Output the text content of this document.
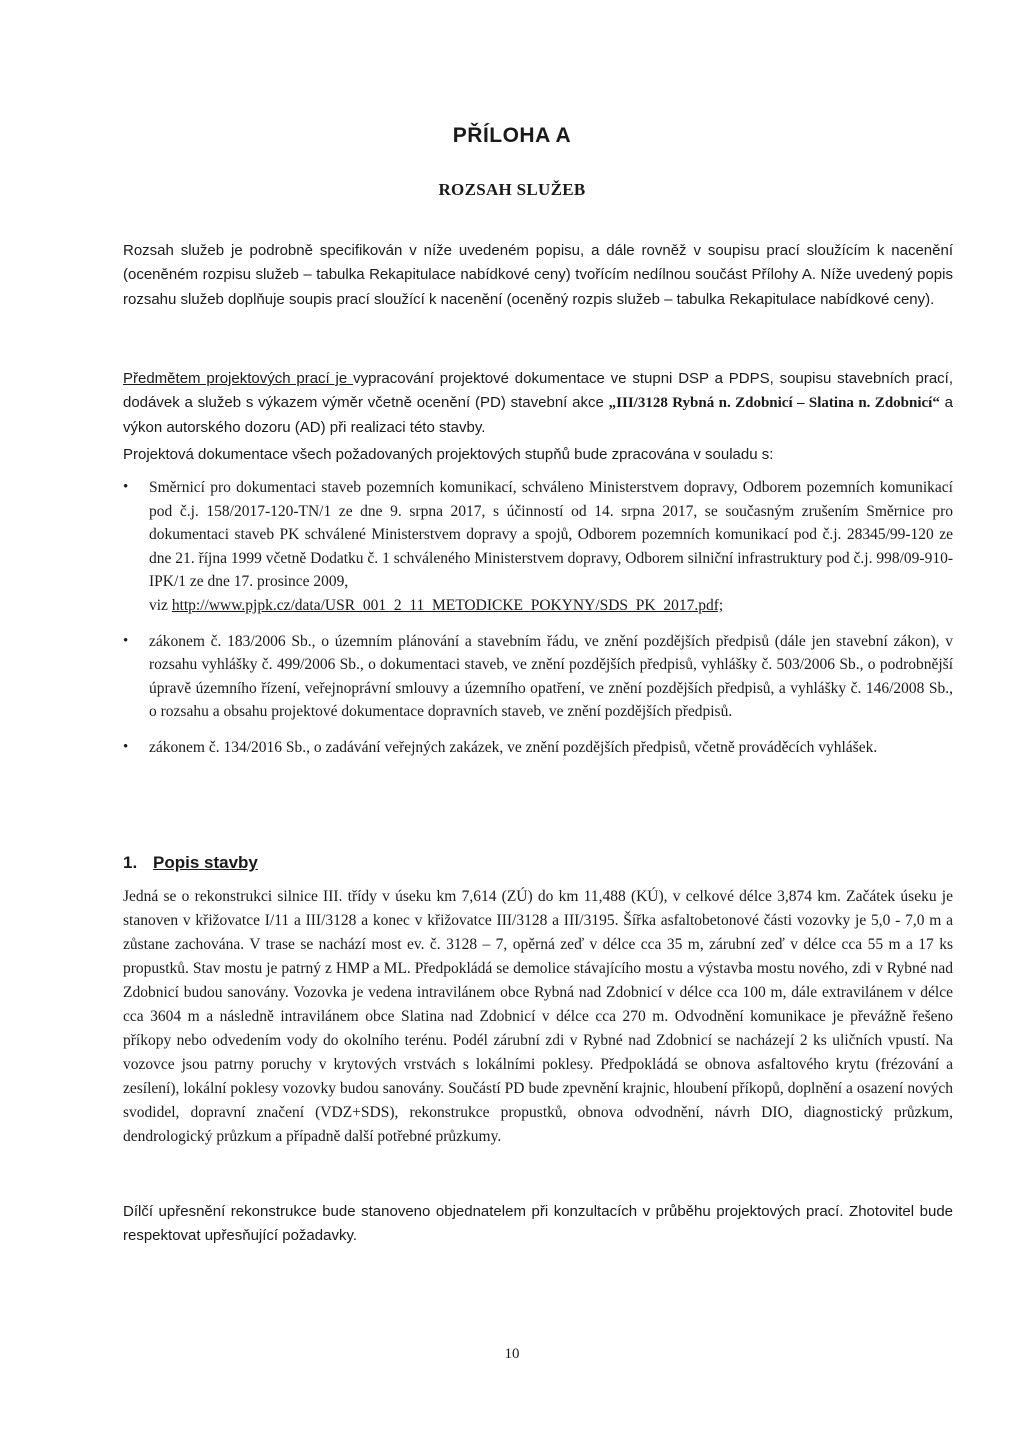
PŘÍLOHA A
ROZSAH SLUŽEB

Rozsah služeb je podrobně specifikován v níže uvedeném popisu, a dále rovněž v soupisu prací sloužícím k nacenění (oceněném rozpisu služeb – tabulka Rekapitulace nabídkové ceny) tvořícím nedílnou součást Přílohy A. Níže uvedený popis rozsahu služeb doplňuje soupis prací sloužící k nacenění (oceněný rozpis služeb – tabulka Rekapitulace nabídkové ceny).

Předmětem projektových prací je vypracování projektové dokumentace ve stupni DSP a PDPS, soupisu stavebních prací, dodávek a služeb s výkazem výměr včetně ocenění (PD) stavební akce „III/3128 Rybná n. Zdobnicí – Slatina n. Zdobnicí“ a výkon autorského dozoru (AD) při realizaci této stavby.

Projektová dokumentace všech požadovaných projektových stupňů bude zpracována v souladu s:

•	Směrnicí pro dokumentaci staveb pozemních komunikací, schváleno Ministerstvem dopravy, Odborem pozemních komunikací pod č.j. 158/2017-120-TN/1 ze dne 9. srpna 2017, s účinností od 14. srpna 2017, se současným zrušením Směrnice pro dokumentaci staveb PK schválené Ministerstvem dopravy a spojů, Odborem pozemních komunikací pod č.j. 28345/99-120 ze dne 21. října 1999 včetně Dodatku č. 1 schváleného Ministerstvem dopravy, Odborem silniční infrastruktury pod č.j. 998/09-910-IPK/1 ze dne 17. prosince 2009,
viz http://www.pjpk.cz/data/USR_001_2_11_METODICKE_POKYNY/SDS_PK_2017.pdf;
•	zákonem č. 183/2006 Sb., o územním plánování a stavebním řádu, ve znění pozdějších předpisů (dále jen stavební zákon), v rozsahu vyhlášky č. 499/2006 Sb., o dokumentaci staveb, ve znění pozdějších předpisů, vyhlášky č. 503/2006 Sb., o podrobnější úpravě územního řízení, veřejnoprávní smlouvy a územního opatření, ve znění pozdějších předpisů, a vyhlášky č. 146/2008 Sb., o rozsahu a obsahu projektové dokumentace dopravních staveb, ve znění pozdějších předpisů.
•	zákonem č. 134/2016 Sb., o zadávání veřejných zakázek, ve znění pozdějších předpisů, včetně prováděcích vyhlášek.
1. Popis stavby

Jedná se o rekonstrukci silnice III. třídy v úseku km 7,614 (ZÚ) do km 11,488 (KÚ), v celkové délce 3,874 km. Začátek úseku je stanoven v křižovatce I/11 a III/3128 a konec v křižovatce III/3128 a III/3195. Šířka asfaltobetonové části vozovky je 5,0 - 7,0 m a zůstane zachována. V trase se nachází most ev. č. 3128 – 7, opěrná zeď v délce cca 35 m, zárubní zeď v délce cca 55 m a 17 ks propustků. Stav mostu je patrný z HMP a ML. Předpokládá se demolice stávajícího mostu a výstavba mostu nového, zdi v Rybné nad Zdobnicí budou sanovány. Vozovka je vedena intravilánem obce Rybná nad Zdobnicí v délce cca 100 m, dále extravilánem v délce cca 3604 m a následně intravilánem obce Slatina nad Zdobnicí v délce cca 270 m. Odvodnění komunikace je převážně řešeno příkopy nebo odvedením vody do okolního terénu. Podél zárubní zdi v Rybné nad Zdobnicí se nacházejí 2 ks uličních vpustí. Na vozovce jsou patrny poruchy v krytových vrstvách s lokálními poklesy. Předpokládá se obnova asfaltového krytu (frézování a zesílení), lokální poklesy vozovky budou sanovány. Součástí PD bude zpevnění krajnic, hloubení příkopů, doplnění a osazení nových svodidel, dopravní značení (VDZ+SDS), rekonstrukce propustků, obnova odvodnění, návrh DIO, diagnostický průzkum, dendrologický průzkum a případně další potřebné průzkumy.

Dílčí upřesnění rekonstrukce bude stanoveno objednatelem při konzultacích v průběhu projektových prací. Zhotovitel bude respektovat upřesňující požadavky.

10
